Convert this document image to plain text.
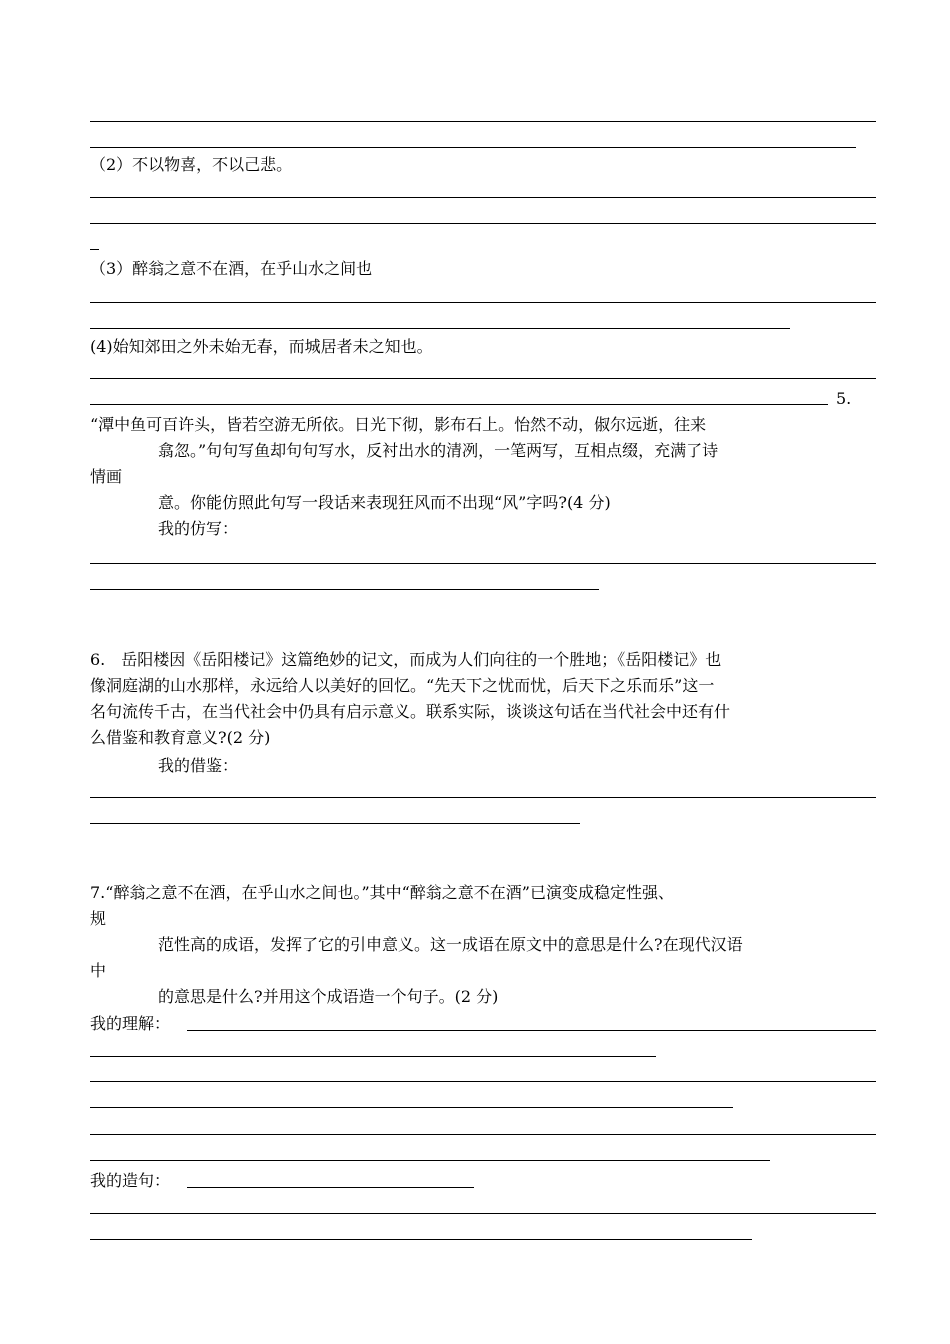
（2）不以物喜，不以己悲。
（3）醉翁之意不在酒，在乎山水之间也
(4)始知郊田之外未始无春，而城居者未之知也。
5.
“潭中鱼可百许头，皆若空游无所依。日光下彻，影布石上。怡然不动，俶尔远逝，往来
翕忽。”句句写鱼却句句写水，反衬出水的清冽，一笔两写，互相点缀，充满了诗
情画
意。你能仿照此句写一段话来表现狂风而不出现“风”字吗?(4 分)
我的仿写：
6.　岳阳楼因《岳阳楼记》这篇绝妙的记文，而成为人们向往的一个胜地；《岳阳楼记》也
像洞庭湖的山水那样，永远给人以美好的回忆。“先天下之忧而忧，后天下之乐而乐”这一
名句流传千古，在当代社会中仍具有启示意义。联系实际，谈谈这句话在当代社会中还有什
么借鉴和教育意义?(2 分)
我的借鉴：
7.“醉翁之意不在酒，在乎山水之间也。”其中“醉翁之意不在酒”已演变成稳定性强、
规
范性高的成语，发挥了它的引申意义。这一成语在原文中的意思是什么?在现代汉语
中
的意思是什么?并用这个成语造一个句子。(2 分)
我的理解：
我的造句：
